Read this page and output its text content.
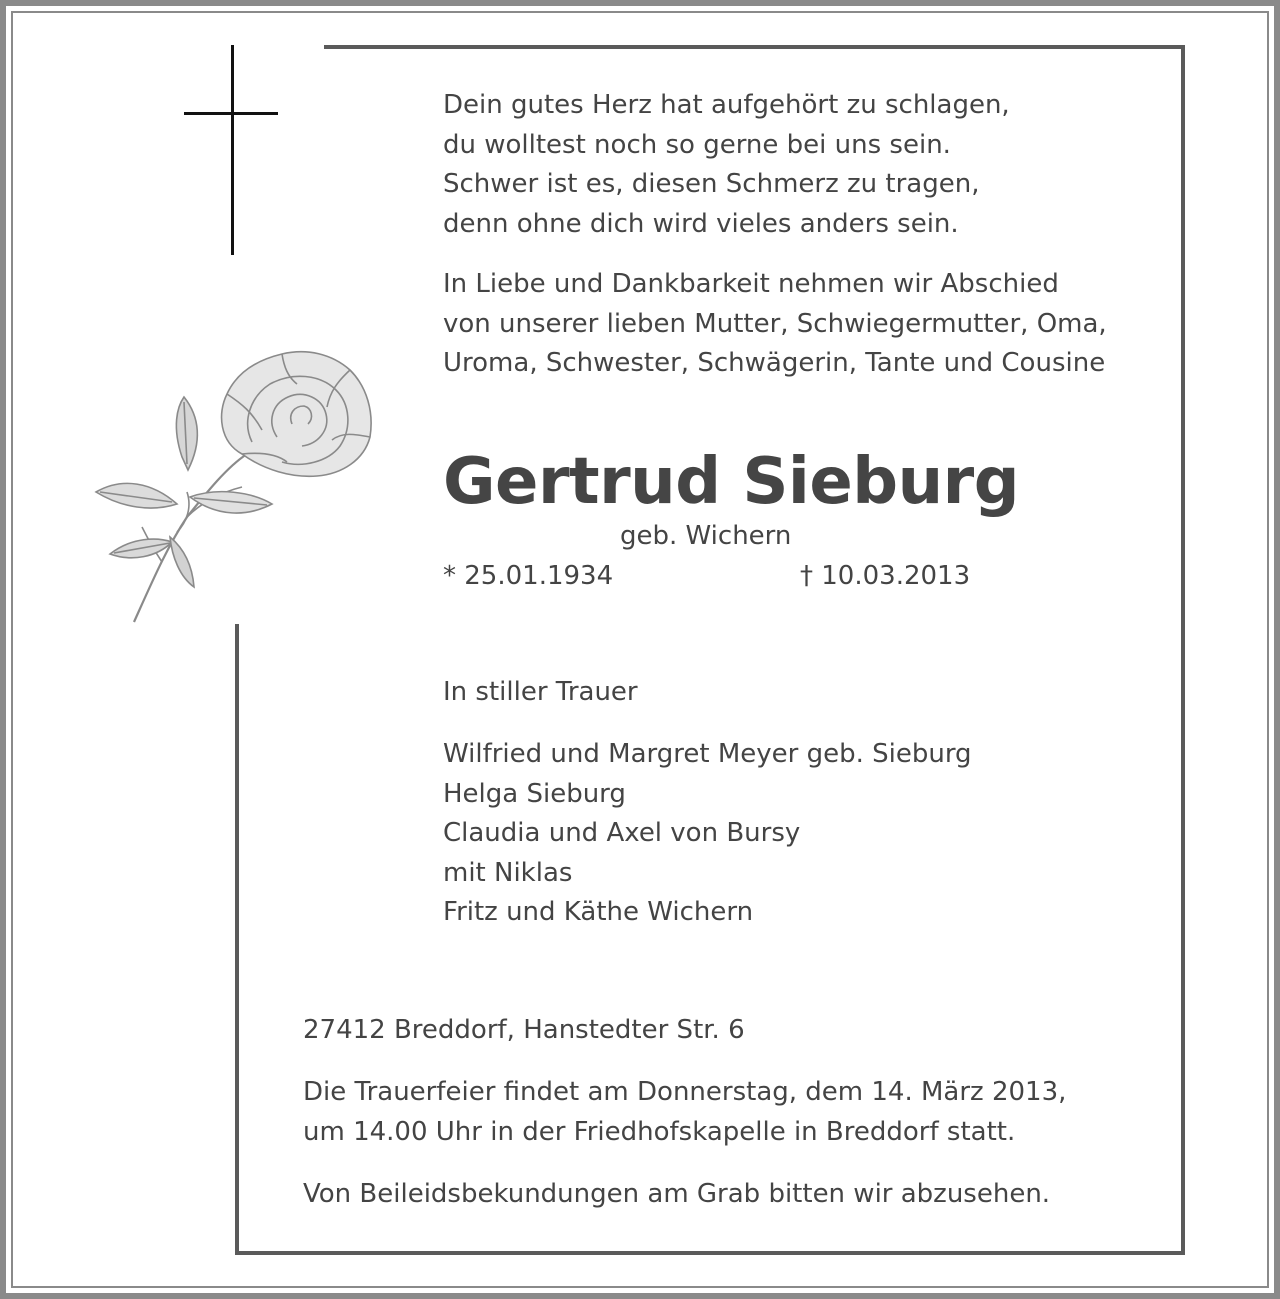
Dein gutes Herz hat aufgehört zu schlagen,
du wolltest noch so gerne bei uns sein.
Schwer ist es, diesen Schmerz zu tragen,
denn ohne dich wird vieles anders sein.
In Liebe und Dankbarkeit nehmen wir Abschied
von unserer lieben Mutter, Schwiegermutter, Oma,
Uroma, Schwester, Schwägerin, Tante und Cousine
Gertrud Sieburg

geb. Wichern

* 25.01.1934	† 10.03.2013

In stiller Trauer

Wilfried und Margret Meyer geb. Sieburg
Helga Sieburg
Claudia und Axel von Bursy
mit Niklas
Fritz und Käthe Wichern

27412 Breddorf, Hanstedter Str. 6

Die Trauerfeier findet am Donnerstag, dem 14. März 2013,
um 14.00 Uhr in der Friedhofskapelle in Breddorf statt.

Von Beileidsbekundungen am Grab bitten wir abzusehen.
